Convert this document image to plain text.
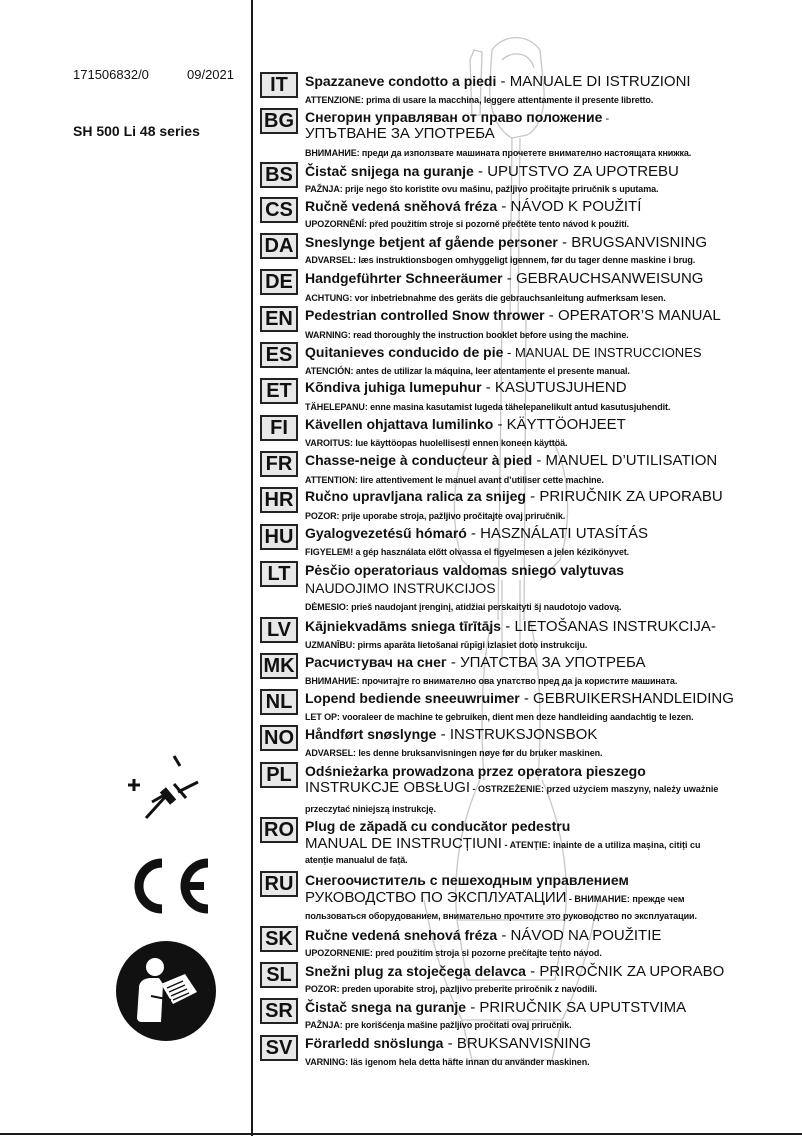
171506832/0	09/2021
SH 500 Li 48 series
IT	Spazzaneve condotto a piedi - MANUALE DI ISTRUZIONI
ATTENZIONE: prima di usare la macchina, leggere attentamente il presente libretto.
BG Снегорин управляван от право положение -
УПЪТВАНЕ ЗА УПОТРЕБА
ВНИМАНИЕ: преди да използвате машината прочетете внимателно настоящата книжка.
BS Čistač snijega na guranje - UPUTSTVO ZA UPOTREBU
PAŽNJA: prije nego što koristite ovu mašinu, pažljivo pročitajte priručnik s uputama.
CS Ručně vedená sněhová fréza - NÁVOD K POUŽITÍ
UPOZORNĚNÍ: před použitím stroje si pozorně přečtěte tento návod k použití.
DA Sneslynge betjent af gående personer - BRUGSANVISNING
ADVARSEL: læs instruktionsbogen omhyggeligt igennem, før du tager denne maskine i brug.
DE Handgeführter Schneeräumer - GEBRAUCHSANWEISUNG
ACHTUNG: vor inbetriebnahme des geräts die gebrauchsanleitung aufmerksam lesen.
EN Pedestrian controlled Snow thrower - OPERATOR’S MANUAL
WARNING: read thoroughly the instruction booklet before using the machine.
ES Quitanieves conducido de pie - MANUAL DE INSTRUCCIONES
ATENCIÓN: antes de utilizar la máquina, leer atentamente el presente manual.
ET Kõndiva juhiga lumepuhur - KASUTUSJUHEND
TÄHELEPANU: enne masina kasutamist lugeda tähelepanelikult antud kasutusjuhendit.
FI	Kävellen ohjattava lumilinko - KÄYTTÖOHJEET
VAROITUS: lue käyttöopas huolellisesti ennen koneen käyttöä.
FR Chasse-neige à conducteur à pied - MANUEL D’UTILISATION
ATTENTION: lire attentivement le manuel avant d’utiliser cette machine.
HR Ručno upravljana ralica za snijeg - PRIRUČNIK ZA UPORABU
POZOR: prije uporabe stroja, pažljivo pročitajte ovaj priručnik.
HU Gyalogvezetésű hómaró - HASZNÁLATI UTASÍTÁS
FIGYELEM! a gép használata előtt olvassa el figyelmesen a jelen kézikönyvet.
LT	Pėsčio operatoriaus valdomas sniego valytuvas
NAUDOJIMO INSTRUKCIJOS
DĖMESIO: prieš naudojant įrenginį, atidžiai perskaityti šį naudotojo vadovą.
LV Kājniekvadāms sniega tīrītājs - LIETOŠANAS INSTRUKCIJA-
UZMANĪBU: pirms aparāta lietošanai rūpīgi izlasiet doto instrukciju.
MK Расчистувач на снег - УПАТСТВА ЗА УПОТРЕБА
ВНИМАНИЕ: прочитајте го внимателно ова упатство пред да ја користите машината.
NL Lopend bediende sneeuwruimer - GEBRUIKERSHANDLEIDING
LET OP: vooraleer de machine te gebruiken, dient men deze handleiding aandachtig te lezen.
NO Håndført snøslynge - INSTRUKSJONSBOK
ADVARSEL: les denne bruksanvisningen nøye før du bruker maskinen.
PL Odśnieżarka prowadzona przez operatora pieszego
INSTRUKCJE OBSŁUGI - OSTRZEŻENIE: przed użyciem maszyny, należy uważnie
przeczytać niniejszą instrukcję.
RO Plug de zăpadă cu conducător pedestru
MANUAL DE INSTRUCȚIUNI - ATENȚIE: înainte de a utiliza mașina, citiți cu
atenție manualul de față.
RU Снегоочиститель с пешеходным управлением
РУКОВОДСТВО ПО ЭКСПЛУАТАЦИИ - ВНИМАНИЕ: прежде чем
пользоваться оборудованием, внимательно прочтите это руководство по эксплуатации.
SK Ručne vedená snehová fréza - NÁVOD NA POUŽITIE
UPOZORNENIE: pred použitím stroja si pozorne prečítajte tento návod.
SL Snežni plug za stoječega delavca - PRIROČNIK ZA UPORABO
POZOR: preden uporabite stroj, pazljivo preberite priročnik z navodili.
SR Čistač snega na guranje - PRIRUČNIK SA UPUTSTVIMA
PAŽNJA: pre korišćenja mašine pažljivo pročitati ovaj priručnik.
SV Förarledd snöslunga - BRUKSANVISNING
VARNING: läs igenom hela detta häfte innan du använder maskinen.
